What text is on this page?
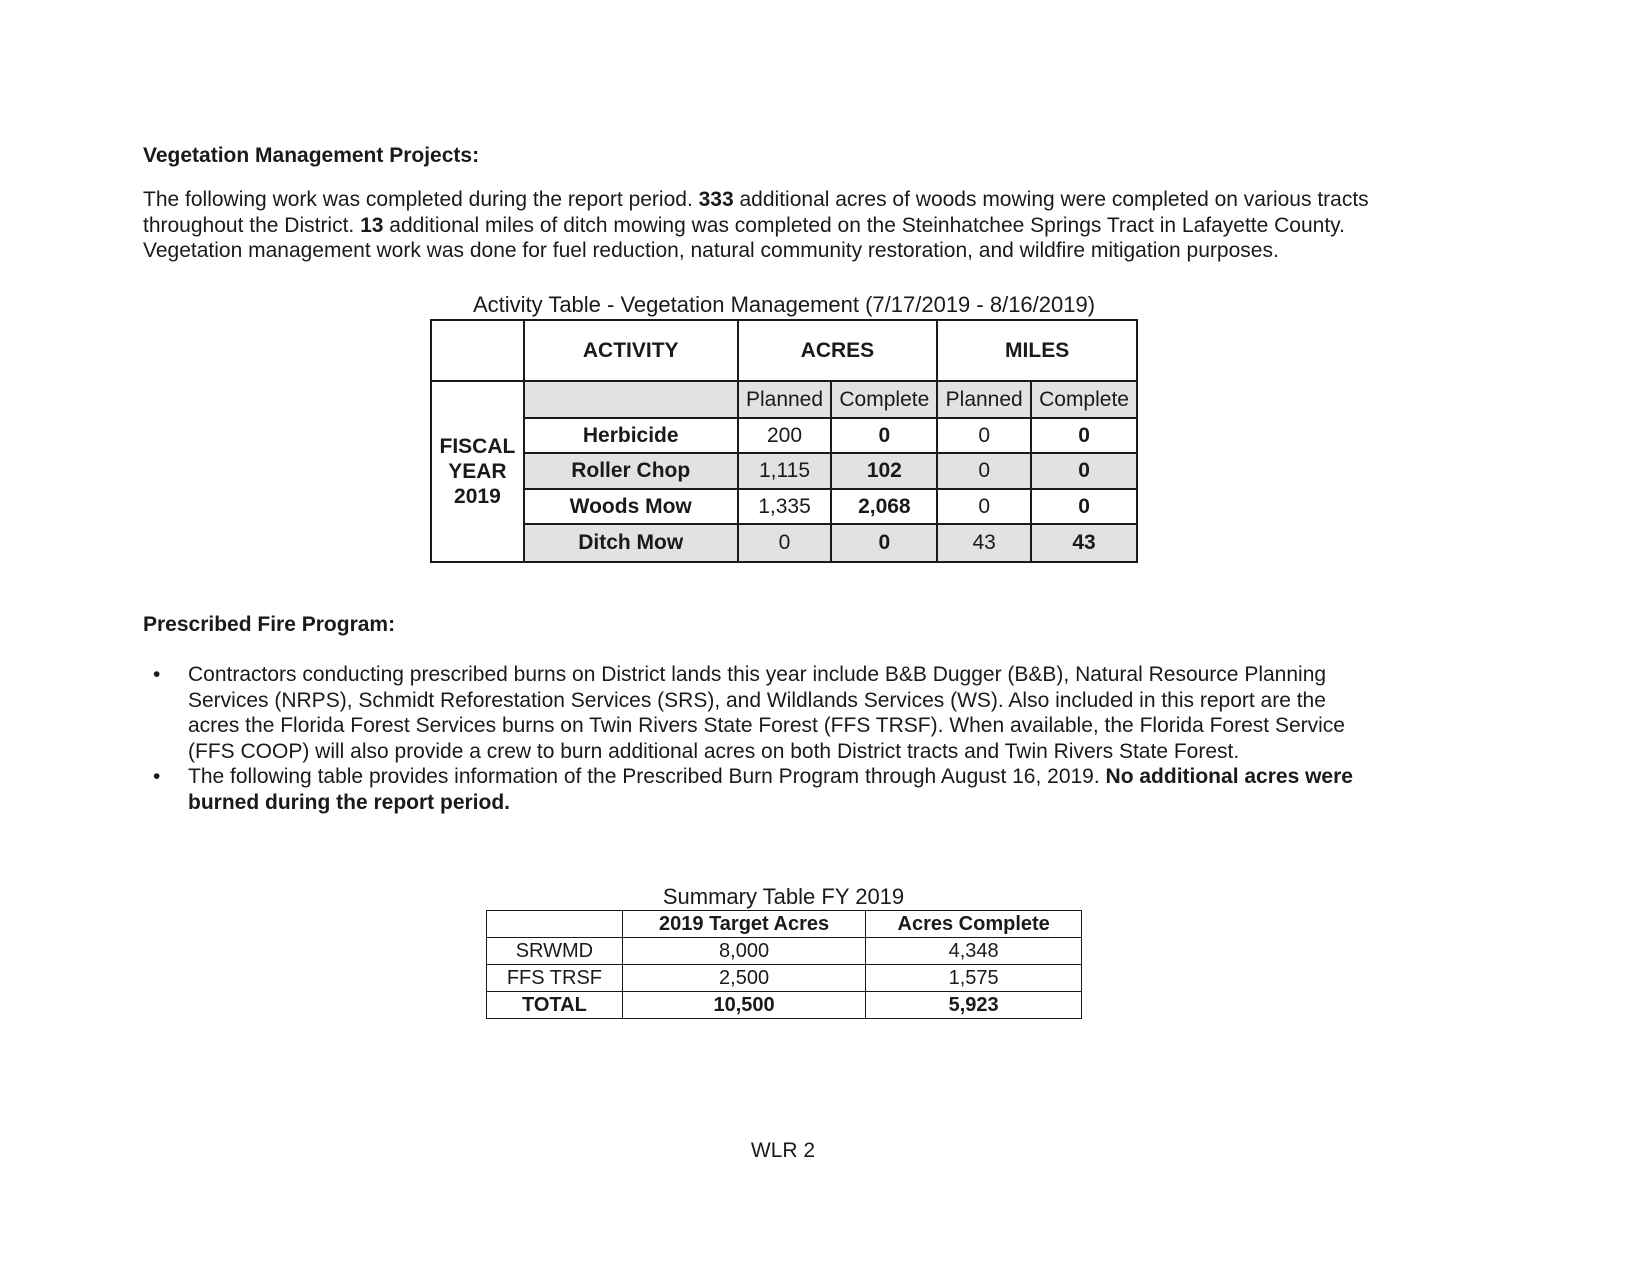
Vegetation Management Projects:
The following work was completed during the report period. 333 additional acres of woods mowing were completed on various tracts
throughout the District. 13 additional miles of ditch mowing was completed on the Steinhatchee Springs Tract in Lafayette County.
Vegetation management work was done for fuel reduction, natural community restoration, and wildfire mitigation purposes.
Activity Table - Vegetation Management (7/17/2019 - 8/16/2019)
	ACTIVITY	ACRES		MILES	
FISCAL
YEAR
2019		Planned	Complete	Planned	Complete
	Herbicide	200	0	0	0
	Roller Chop	1,115	102	0	0
	Woods Mow	1,335	2,068	0	0
	Ditch Mow	0	0	43	43
Prescribed Fire Program:
• Contractors conducting prescribed burns on District lands this year include B&B Dugger (B&B), Natural Resource Planning
Services (NRPS), Schmidt Reforestation Services (SRS), and Wildlands Services (WS). Also included in this report are the
acres the Florida Forest Services burns on Twin Rivers State Forest (FFS TRSF). When available, the Florida Forest Service
(FFS COOP) will also provide a crew to burn additional acres on both District tracts and Twin Rivers State Forest.
• The following table provides information of the Prescribed Burn Program through August 16, 2019. No additional acres were
burned during the report period.
Summary Table FY 2019
	2019 Target Acres	Acres Complete
SRWMD	8,000	4,348
FFS TRSF	2,500	1,575
TOTAL	10,500	5,923
WLR 2
